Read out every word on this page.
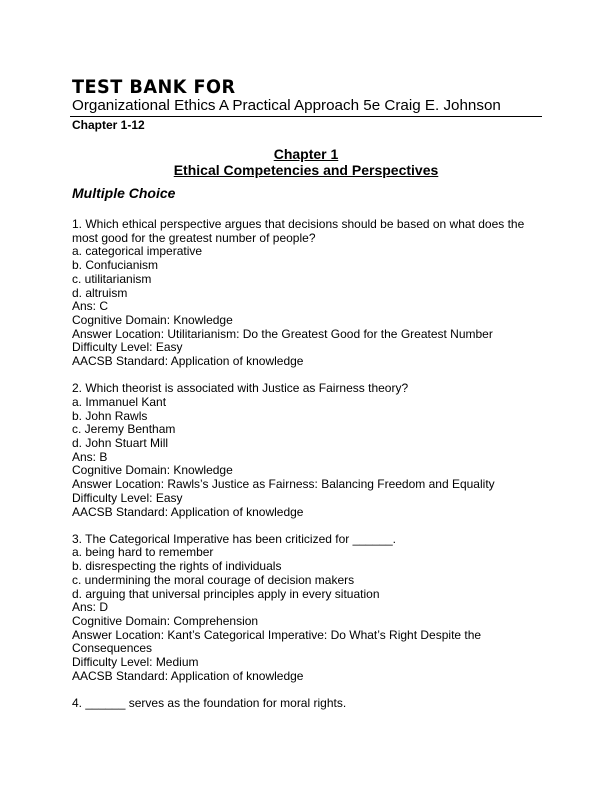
TEST BANK FOR
Organizational Ethics A Practical Approach 5e Craig E. Johnson
Chapter 1-12
Chapter 1
Ethical Competencies and Perspectives
Multiple Choice
1. Which ethical perspective argues that decisions should be based on what does the most good for the greatest number of people?
a. categorical imperative
b. Confucianism
c. utilitarianism
d. altruism
Ans: C
Cognitive Domain: Knowledge
Answer Location: Utilitarianism: Do the Greatest Good for the Greatest Number
Difficulty Level: Easy
AACSB Standard: Application of knowledge
2. Which theorist is associated with Justice as Fairness theory?
a. Immanuel Kant
b. John Rawls
c. Jeremy Bentham
d. John Stuart Mill
Ans: B
Cognitive Domain: Knowledge
Answer Location: Rawls’s Justice as Fairness: Balancing Freedom and Equality
Difficulty Level: Easy
AACSB Standard: Application of knowledge
3. The Categorical Imperative has been criticized for ______.
a. being hard to remember
b. disrespecting the rights of individuals
c. undermining the moral courage of decision makers
d. arguing that universal principles apply in every situation
Ans: D
Cognitive Domain: Comprehension
Answer Location: Kant’s Categorical Imperative: Do What’s Right Despite the Consequences
Difficulty Level: Medium
AACSB Standard: Application of knowledge
4. ______ serves as the foundation for moral rights.
